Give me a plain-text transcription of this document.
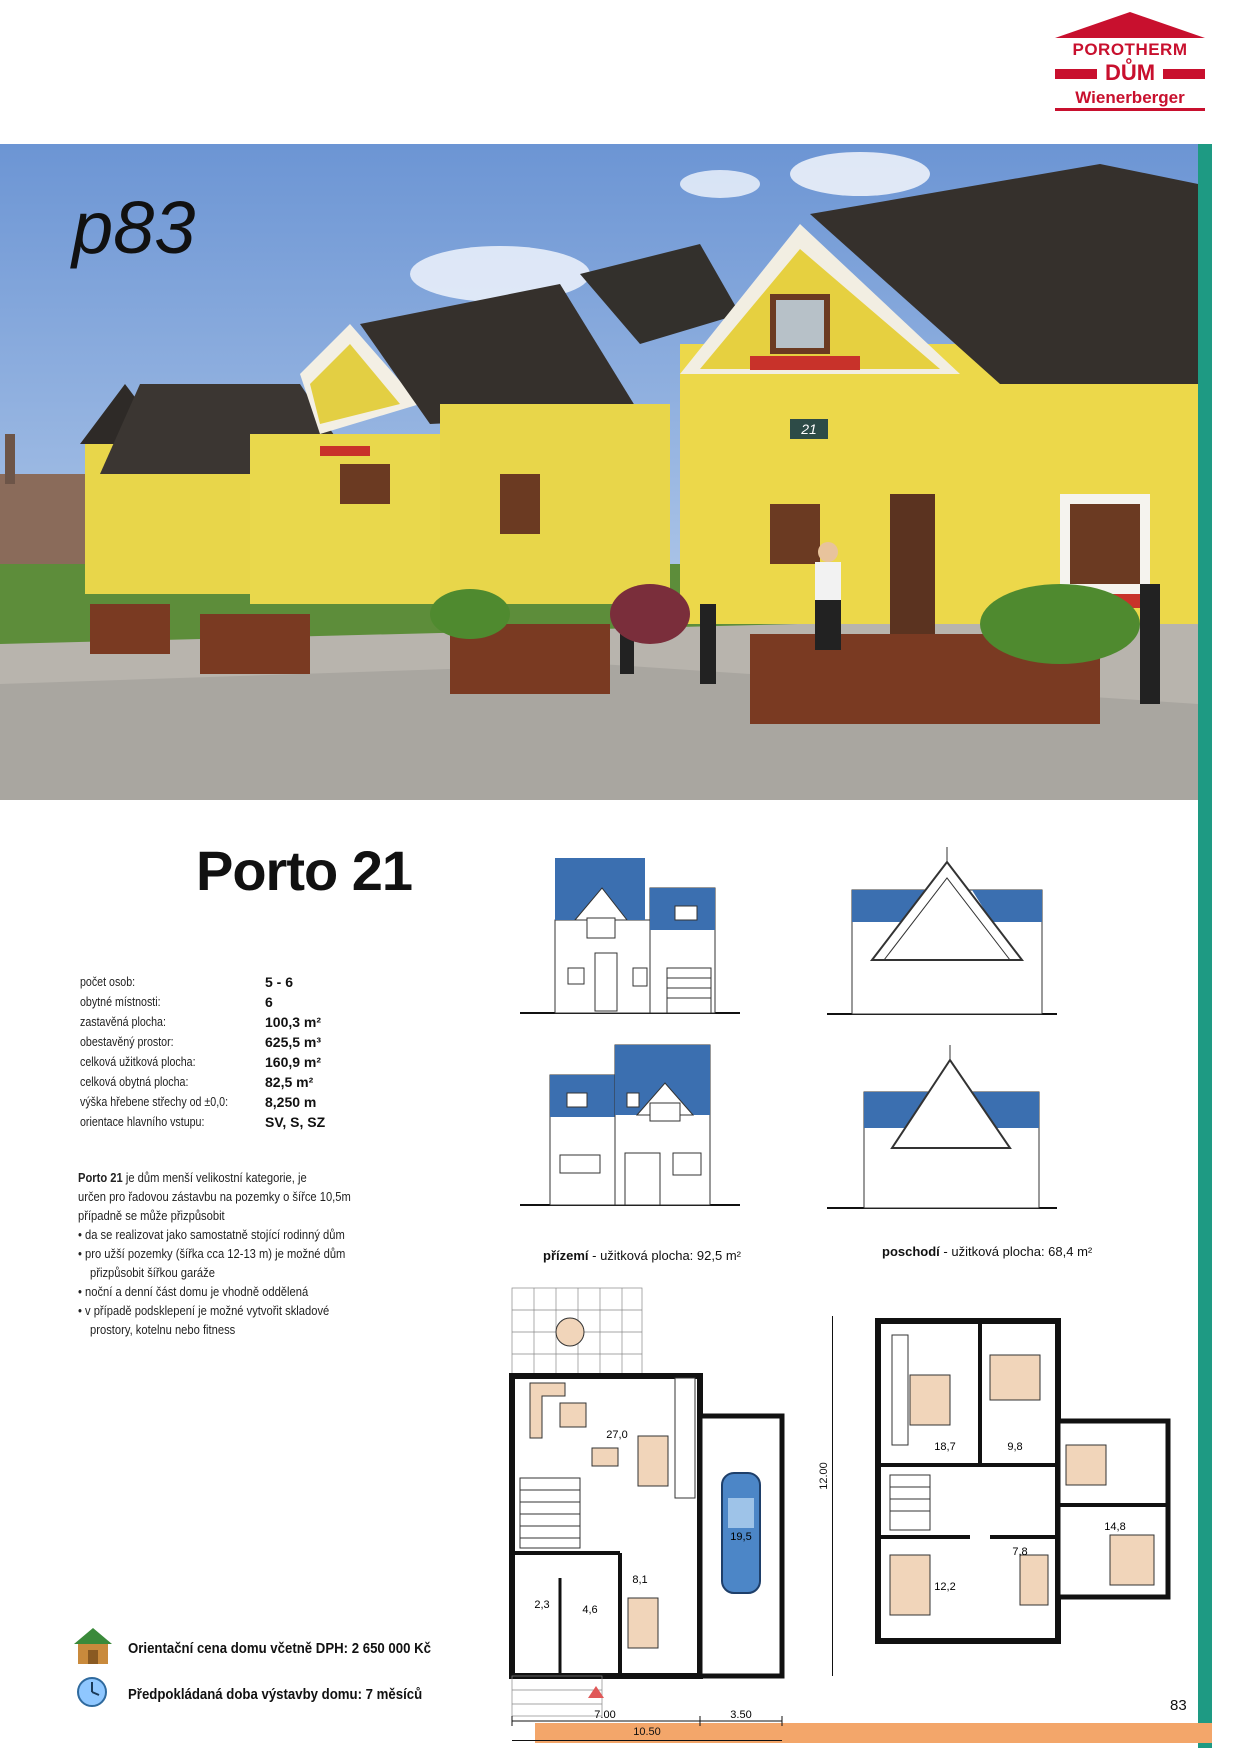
POROTHERM
DŮM
Wienerberger
21
p83
Porto 21
počet osob:	5 - 6
obytné místnosti:	6
zastavěná plocha:	100,3 m²
obestavěný prostor:	625,5 m³
celková užitková plocha:	160,9 m²
celková obytná plocha:	82,5 m²
výška hřebene střechy od ±0,0:	8,250 m
orientace hlavního vstupu:	SV, S, SZ
Porto 21 je dům menší velikostní kategorie, je
určen pro řadovou zástavbu na pozemky o šířce 10,5m
případně se může přizpůsobit
• da se realizovat jako samostatně stojící rodinný dům
• pro užší pozemky (šířka cca 12-13 m) je možné dům
přizpůsobit šířkou garáže
• noční a denní část domu je vhodně oddělená
• v případě podsklepení je možné vytvořit skladové
prostory, kotelnu nebo fitness
přízemí - užitková plocha: 92,5 m²	poschodí - užitková plocha: 68,4 m²
27,0
19,5
8,1
4,6
2,3
7.00	3.50
10.50
12.00
18,7	9,8
14,8
7,8
12,2
Orientační cena domu včetně DPH: 2 650 000 Kč
Předpokládaná doba výstavby domu: 7 měsíců
83
